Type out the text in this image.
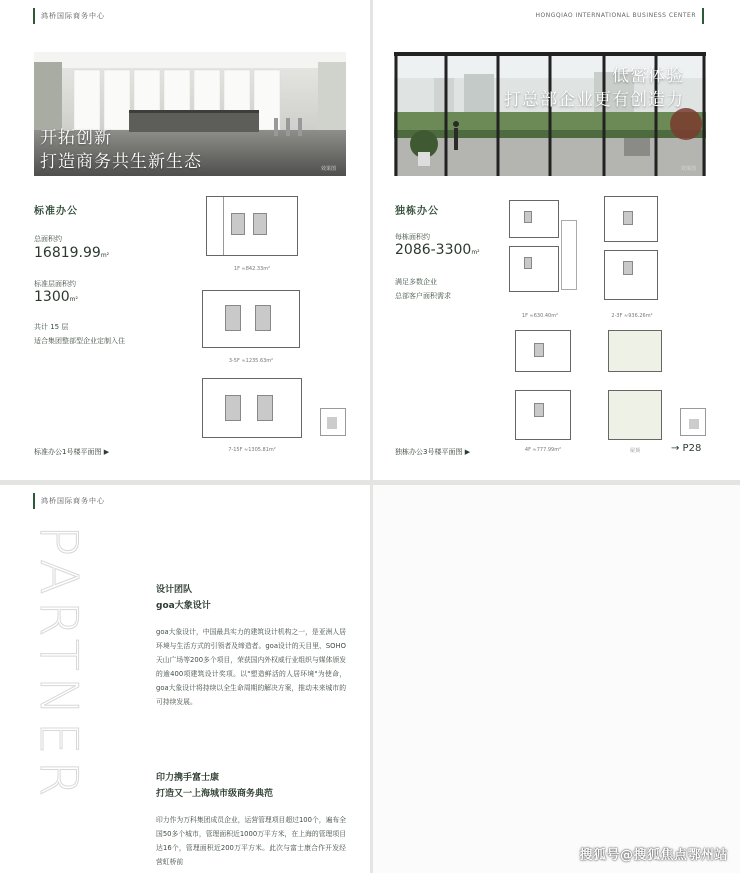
鸿桥国际商务中心
开拓创新
打造商务共生新生态	效果图
标准办公
总面积约
16819.99m²
标准层面积约
1300m²
共计 15 层
适合集团整部型企业定制入住
1F ≈842.33m²
3-5F ≈1235.63m²
7-15F ≈1305.81m²
标准办公1号楼平面图 ▶
HONGQIAO INTERNATIONAL BUSINESS CENTER
低密体验
打总部企业更有创造力
效果图
独栋办公
每栋面积约
2086-3300m²
满足多数企业
总部客户面积需求
1F ≈630.40m²	2-3F ≈936.26m²
4F ≈777.99m²	屋顶
独栋办公3号楼平面图 ▶	→ P28
鸿桥国际商务中心
PARTNER	设计团队
goa大象设计
goa大象设计，中国最具实力的建筑设计机构之一，是亚洲人居环境与生活方式的引领者及缔造者。goa设计的天目里、SOHO天山广场等200多个项目，荣获国内外权威行业组织与媒体颁发的逾400项建筑设计奖项。以"塑造鲜活的人居环境"为使命，goa大象设计将持续以全生命周期的解决方案，推动未来城市的可持续发展。
印力携手富士康
打造又一上海城市级商务典范
印力作为万科集团成员企业，运营管理项目超过100个，遍布全国50多个城市，管理面积近1000万平方米，在上海的管理项目达16个，管理面积近200万平方米。此次与富士康合作开发经营虹桥前	搜狐号@搜狐焦点鄂州站
